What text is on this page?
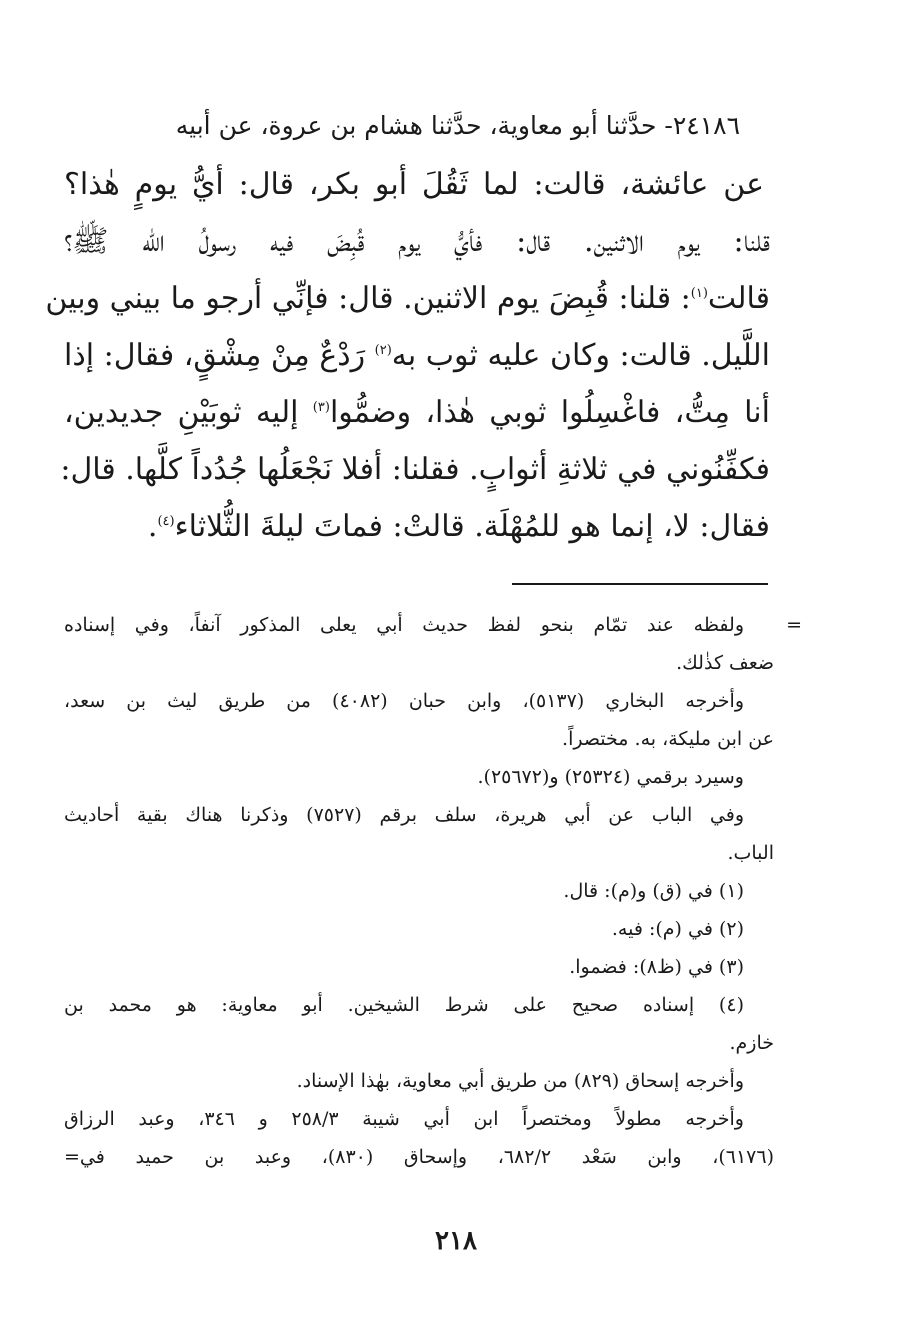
٢٤١٨٦- حدَّثنا أبو معاوية، حدَّثنا هشام بن عروة، عن أبيه

عن عائشة، قالت: لما ثَقُلَ أبو بكر، قال: أيُّ يومٍ هٰذا؟
قلنا: يوم الاثنين. قال: فأيُّ يوم قُبِضَ فيه رسولُ الله ﷺ؟
قالت$^{(١)}$: قلنا: قُبِضَ يوم الاثنين. قال: فإنِّي أرجو ما بيني وبين
اللَّيل. قالت: وكان عليه ثوب به$^{(٢)}$ رَدْعٌ مِنْ مِشْقٍ، فقال: إذا
أنا مِتُّ، فاغْسِلُوا ثوبي هٰذا، وضمُّوا$^{(٣)}$ إليه ثوبَيْنِ جديدين،
فكفِّنُوني في ثلاثةِ أثوابٍ. فقلنا: أفلا نَجْعَلُها جُدُداً كلَّها. قال:
فقال: لا، إنما هو للمُهْلَة. قالتْ: فماتَ ليلةَ الثُّلاثاء$^{(٤)}$.
=
ولفظه عند تمّام بنحو لفظ حديث أبي يعلى المذكور آنفاً، وفي إسناده
ضعف كذٰلك.
وأخرجه البخاري (٥١٣٧)، وابن حبان (٤٠٨٢) من طريق ليث بن سعد،
عن ابن مليكة، به. مختصراً.
وسيرد برقمي (٢٥٣٢٤) و(٢٥٦٧٢).
وفي الباب عن أبي هريرة، سلف برقم (٧٥٢٧) وذكرنا هناك بقية أحاديث
الباب.
(١) في (ق) و(م): قال.
(٢) في (م): فيه.
(٣) في (ظ٨): فضموا.
(٤) إسناده صحيح على شرط الشيخين. أبو معاوية: هو محمد بن
خازم.
وأخرجه إسحاق (٨٢٩) من طريق أبي معاوية، بهٰذا الإسناد.
وأخرجه مطولاً ومختصراً ابن أبي شيبة ٢٥٨/٣ و ٣٤٦، وعبد الرزاق
(٦١٧٦)، وابن سَعْد ٦٨٢/٢، وإسحاق (٨٣٠)، وعبد بن حميد في=
٢١٨
